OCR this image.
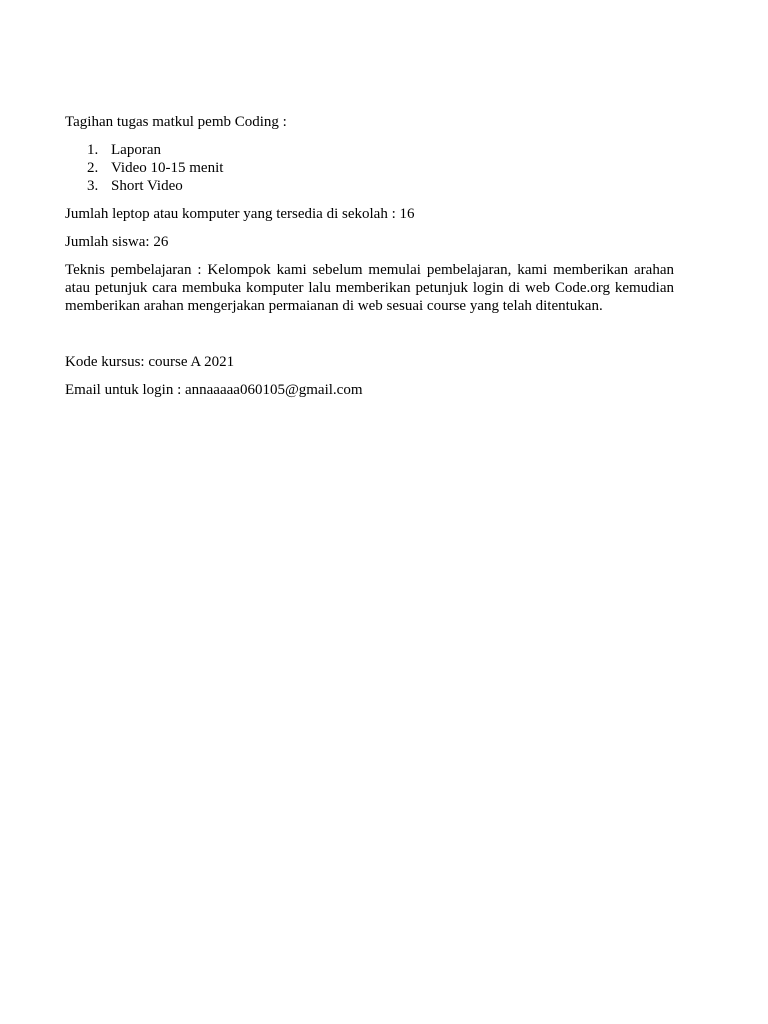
Tagihan tugas matkul pemb Coding :

1. Laporan
2. Video 10-15 menit
3. Short Video

Jumlah leptop atau komputer yang tersedia di sekolah : 16

Jumlah siswa: 26

Teknis pembelajaran : Kelompok kami sebelum memulai pembelajaran, kami memberikan arahan atau petunjuk cara membuka komputer lalu memberikan petunjuk login di web Code.org kemudian memberikan arahan mengerjakan permaianan di web sesuai course yang telah ditentukan.

Kode kursus: course A 2021

Email untuk login : annaaaaa060105@gmail.com
